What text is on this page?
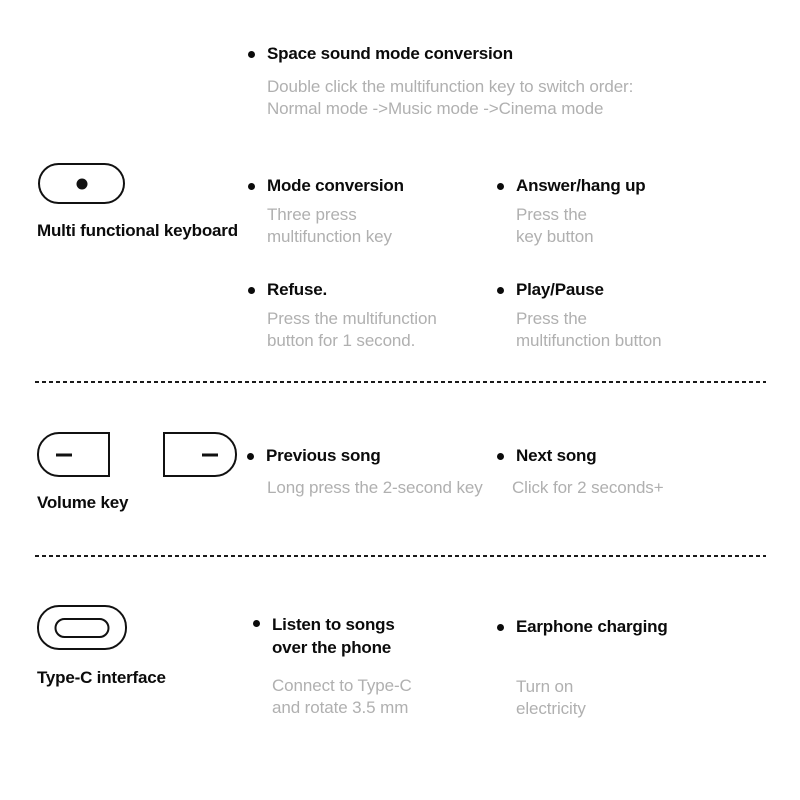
Space sound mode conversion
Double click the multifunction key to switch order:
Normal mode ->Music mode ->Cinema mode
Multi functional keyboard
Mode conversion
Three press
multifunction key
Answer/hang up
Press the
key button
Refuse.
Press the multifunction
button for 1 second.
Play/Pause
Press the
multifunction button
Volume key
Previous song
Long press the 2-second key
Next song
Click for 2 seconds+
Type-C interface
Listen to songs
over the phone
Connect to Type-C
and rotate 3.5 mm
Earphone charging
Turn on
electricity
